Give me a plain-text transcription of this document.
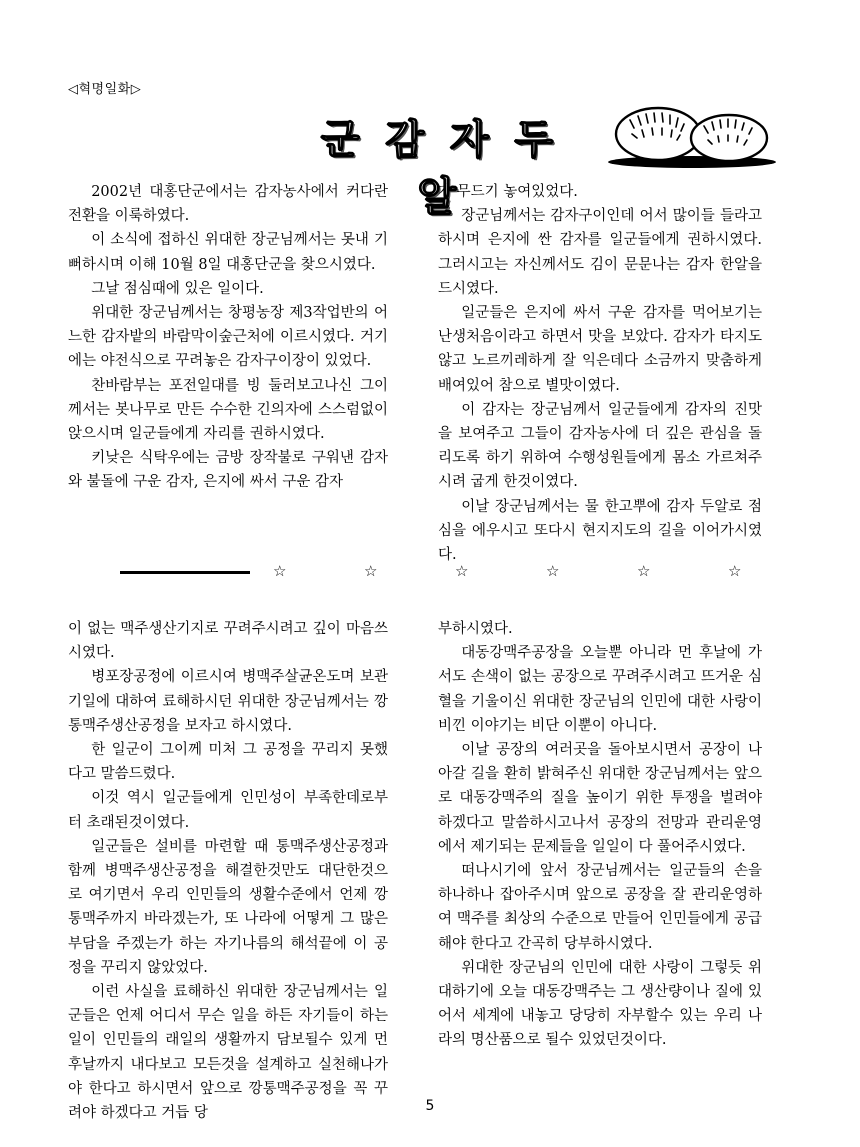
◁혁명일화▷
군 감 자 두 알

2002년 대홍단군에서는 감자농사에서 커다란 전환을 이룩하였다.

이 소식에 접하신 위대한 장군님께서는 못내 기뻐하시며 이해 10월 8일 대홍단군을 찾으시였다.

그날 점심때에 있은 일이다.

위대한 장군님께서는 창평농장 제3작업반의 어느한 감자밭의 바람막이숲근처에 이르시였다. 거기에는 야전식으로 꾸려놓은 감자구이장이 있었다.

찬바람부는 포전일대를 빙 둘러보고나신 그이께서는 봇나무로 만든 수수한 긴의자에 스스럼없이 앉으시며 일군들에게 자리를 권하시였다.

키낮은 식탁우에는 금방 장작불로 구워낸 감자와 불돌에 구운 감자, 은지에 싸서 구운 감자

가 무드기 놓여있었다.

장군님께서는 감자구이인데 어서 많이들 들라고 하시며 은지에 싼 감자를 일군들에게 권하시였다. 그러시고는 자신께서도 김이 문문나는 감자 한알을 드시였다.

일군들은 은지에 싸서 구운 감자를 먹어보기는 난생처음이라고 하면서 맛을 보았다. 감자가 타지도 않고 노르끼레하게 잘 익은데다 소금까지 맞춤하게 배여있어 참으로 별맛이였다.

이 감자는 장군님께서 일군들에게 감자의 진맛을 보여주고 그들이 감자농사에 더 깊은 관심을 돌리도록 하기 위하여 수행성원들에게 몸소 가르쳐주시려 굽게 한것이였다.

이날 장군님께서는 물 한고뿌에 감자 두알로 점심을 에우시고 또다시 현지지도의 길을 이어가시였다.

☆	☆	☆	☆	☆	☆

이 없는 맥주생산기지로 꾸려주시려고 깊이 마음쓰시였다.

병포장공정에 이르시여 병맥주살균온도며 보관기일에 대하여 료해하시던 위대한 장군님께서는 깡통맥주생산공정을 보자고 하시였다.

한 일군이 그이께 미처 그 공정을 꾸리지 못했다고 말씀드렸다.

이것 역시 일군들에게 인민성이 부족한데로부터 초래된것이였다.

일군들은 설비를 마련할 때 통맥주생산공정과 함께 병맥주생산공정을 해결한것만도 대단한것으로 여기면서 우리 인민들의 생활수준에서 언제 깡통맥주까지 바라겠는가, 또 나라에 어떻게 그 많은 부담을 주겠는가 하는 자기나름의 해석끝에 이 공정을 꾸리지 않았었다.

이런 사실을 료해하신 위대한 장군님께서는 일군들은 언제 어디서 무슨 일을 하든 자기들이 하는 일이 인민들의 래일의 생활까지 담보될수 있게 먼 후날까지 내다보고 모든것을 설계하고 실천해나가야 한다고 하시면서 앞으로 깡통맥주공정을 꼭 꾸려야 하겠다고 거듭 당

부하시였다.

대동강맥주공장을 오늘뿐 아니라 먼 후날에 가서도 손색이 없는 공장으로 꾸려주시려고 뜨거운 심혈을 기울이신 위대한 장군님의 인민에 대한 사랑이 비낀 이야기는 비단 이뿐이 아니다.

이날 공장의 여러곳을 돌아보시면서 공장이 나아갈 길을 환히 밝혀주신 위대한 장군님께서는 앞으로 대동강맥주의 질을 높이기 위한 투쟁을 벌려야 하겠다고 말씀하시고나서 공장의 전망과 관리운영에서 제기되는 문제들을 일일이 다 풀어주시였다.

떠나시기에 앞서 장군님께서는 일군들의 손을 하나하나 잡아주시며 앞으로 공장을 잘 관리운영하여 맥주를 최상의 수준으로 만들어 인민들에게 공급해야 한다고 간곡히 당부하시였다.

위대한 장군님의 인민에 대한 사랑이 그렇듯 위대하기에 오늘 대동강맥주는 그 생산량이나 질에 있어서 세계에 내놓고 당당히 자부할수 있는 우리 나라의 명산품으로 될수 있었던것이다.

5
